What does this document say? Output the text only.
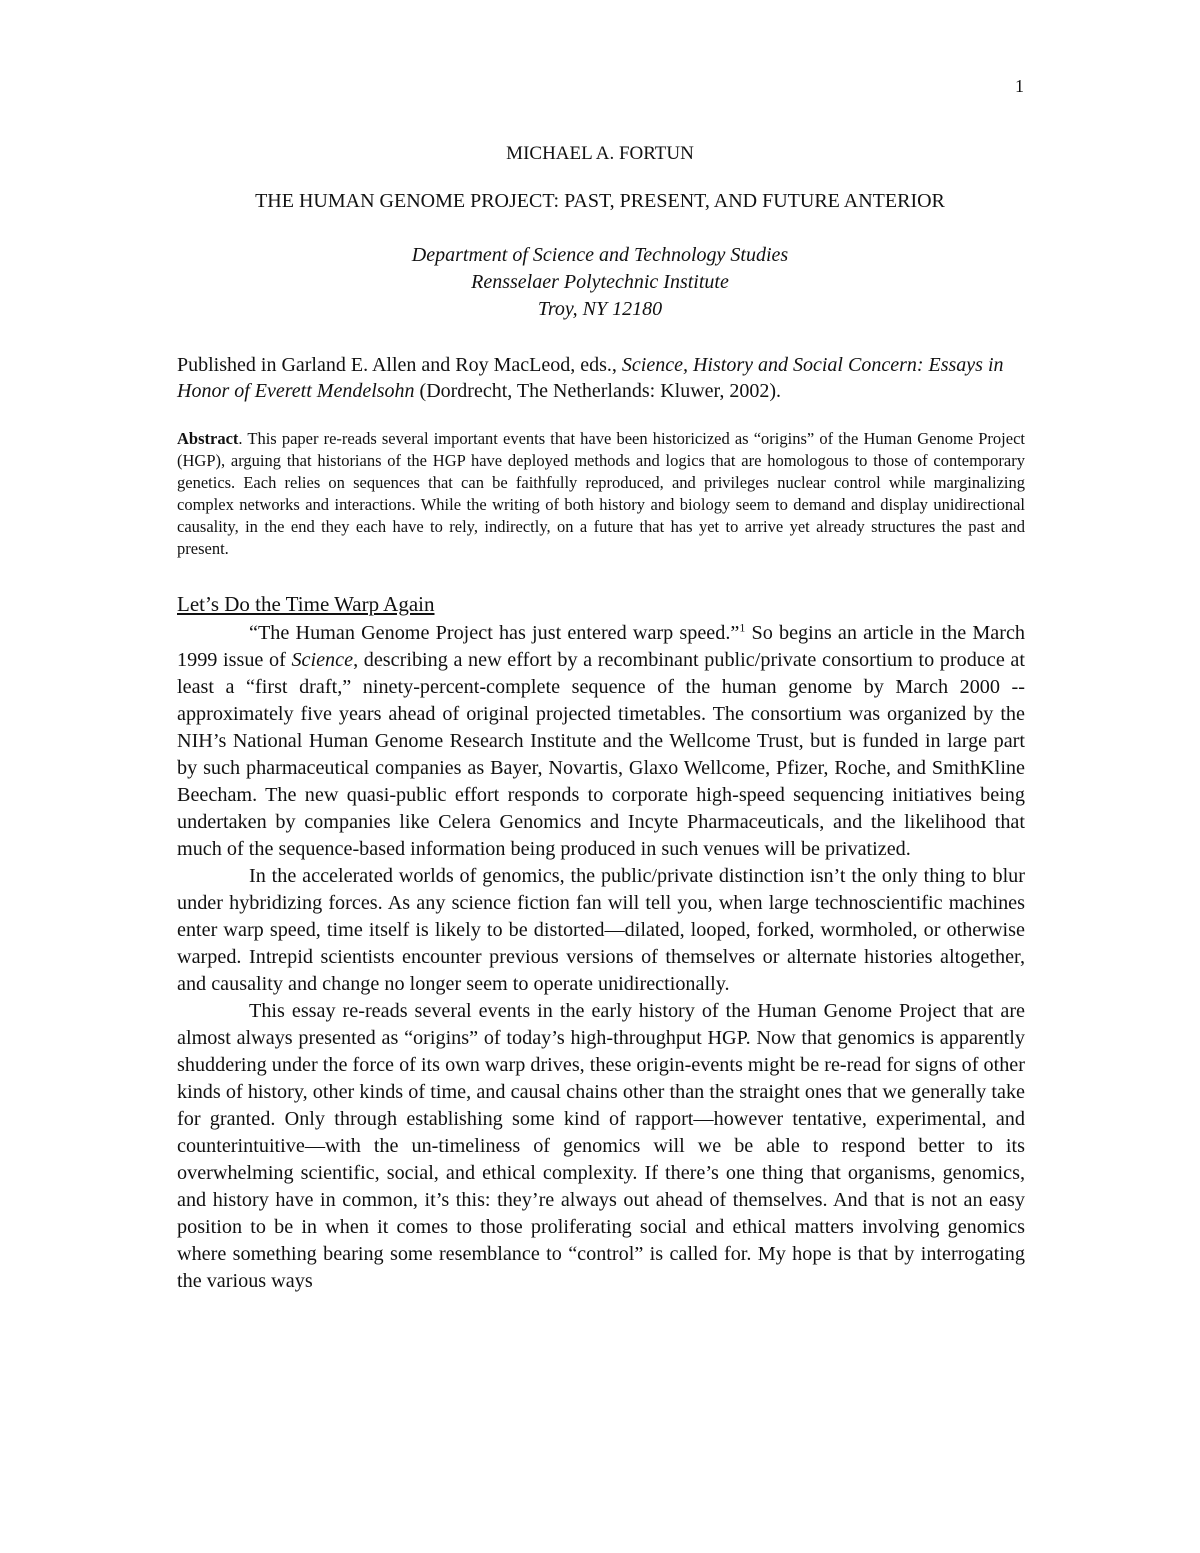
1
MICHAEL A. FORTUN
THE HUMAN GENOME PROJECT: PAST, PRESENT, AND FUTURE ANTERIOR
Department of Science and Technology Studies
Rensselaer Polytechnic Institute
Troy, NY 12180
Published in Garland E. Allen and Roy MacLeod, eds., Science, History and Social Concern: Essays in Honor of Everett Mendelsohn (Dordrecht, The Netherlands: Kluwer, 2002).
Abstract. This paper re-reads several important events that have been historicized as “origins” of the Human Genome Project (HGP), arguing that historians of the HGP have deployed methods and logics that are homologous to those of contemporary genetics. Each relies on sequences that can be faithfully reproduced, and privileges nuclear control while marginalizing complex networks and interactions. While the writing of both history and biology seem to demand and display unidirectional causality, in the end they each have to rely, indirectly, on a future that has yet to arrive yet already structures the past and present.
Let’s Do the Time Warp Again

“The Human Genome Project has just entered warp speed.”$^1$ So begins an article in the March 1999 issue of Science, describing a new effort by a recombinant public/private consortium to produce at least a “first draft,” ninety-percent-complete sequence of the human genome by March 2000 -- approximately five years ahead of original projected timetables. The consortium was organized by the NIH’s National Human Genome Research Institute and the Wellcome Trust, but is funded in large part by such pharmaceutical companies as Bayer, Novartis, Glaxo Wellcome, Pfizer, Roche, and SmithKline Beecham. The new quasi-public effort responds to corporate high-speed sequencing initiatives being undertaken by companies like Celera Genomics and Incyte Pharmaceuticals, and the likelihood that much of the sequence-based information being produced in such venues will be privatized.

In the accelerated worlds of genomics, the public/private distinction isn’t the only thing to blur under hybridizing forces. As any science fiction fan will tell you, when large technoscientific machines enter warp speed, time itself is likely to be distorted—dilated, looped, forked, wormholed, or otherwise warped. Intrepid scientists encounter previous versions of themselves or alternate histories altogether, and causality and change no longer seem to operate unidirectionally.

This essay re-reads several events in the early history of the Human Genome Project that are almost always presented as “origins” of today’s high-throughput HGP. Now that genomics is apparently shuddering under the force of its own warp drives, these origin-events might be re-read for signs of other kinds of history, other kinds of time, and causal chains other than the straight ones that we generally take for granted. Only through establishing some kind of rapport—however tentative, experimental, and counterintuitive—with the un-timeliness of genomics will we be able to respond better to its overwhelming scientific, social, and ethical complexity. If there’s one thing that organisms, genomics, and history have in common, it’s this: they’re always out ahead of themselves. And that is not an easy position to be in when it comes to those proliferating social and ethical matters involving genomics where something bearing some resemblance to “control” is called for. My hope is that by interrogating the various ways
